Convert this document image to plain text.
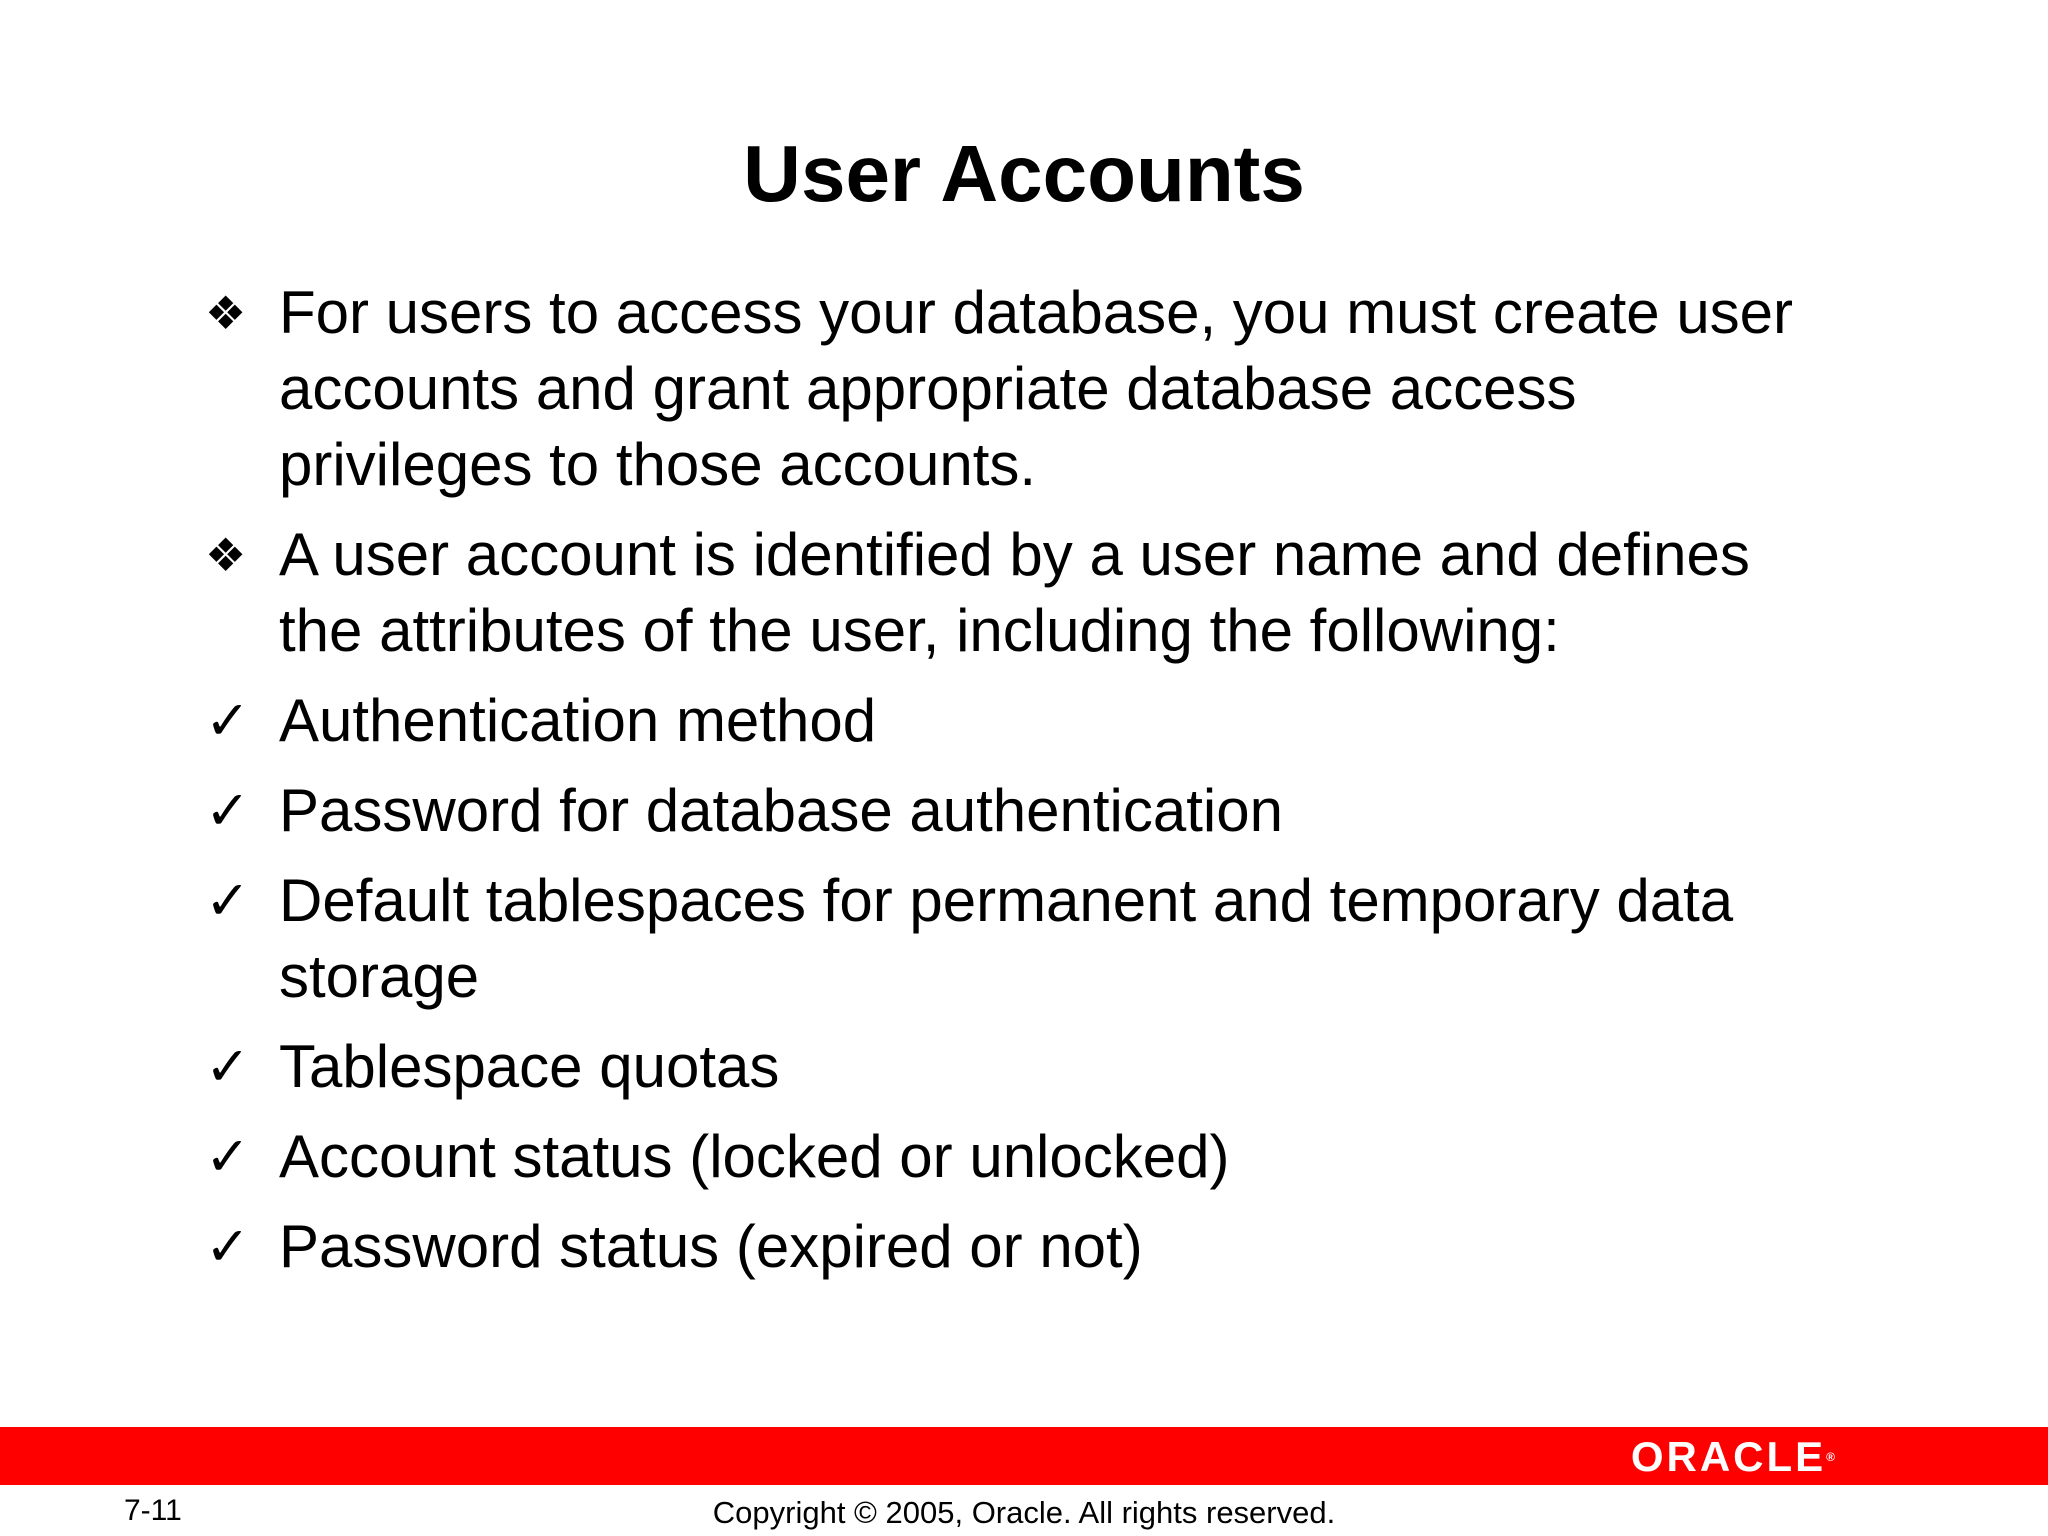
User Accounts
❖ For users to access your database, you must create user accounts and grant appropriate database access privileges to those accounts.
❖ A user account is identified by a user name and defines the attributes of the user, including the following:
✓ Authentication method
✓ Password for database authentication
✓ Default tablespaces for permanent and temporary data storage
✓ Tablespace quotas
✓ Account status (locked or unlocked)
✓ Password status (expired or not)
ORACLE®
7-11	Copyright © 2005, Oracle. All rights reserved.
